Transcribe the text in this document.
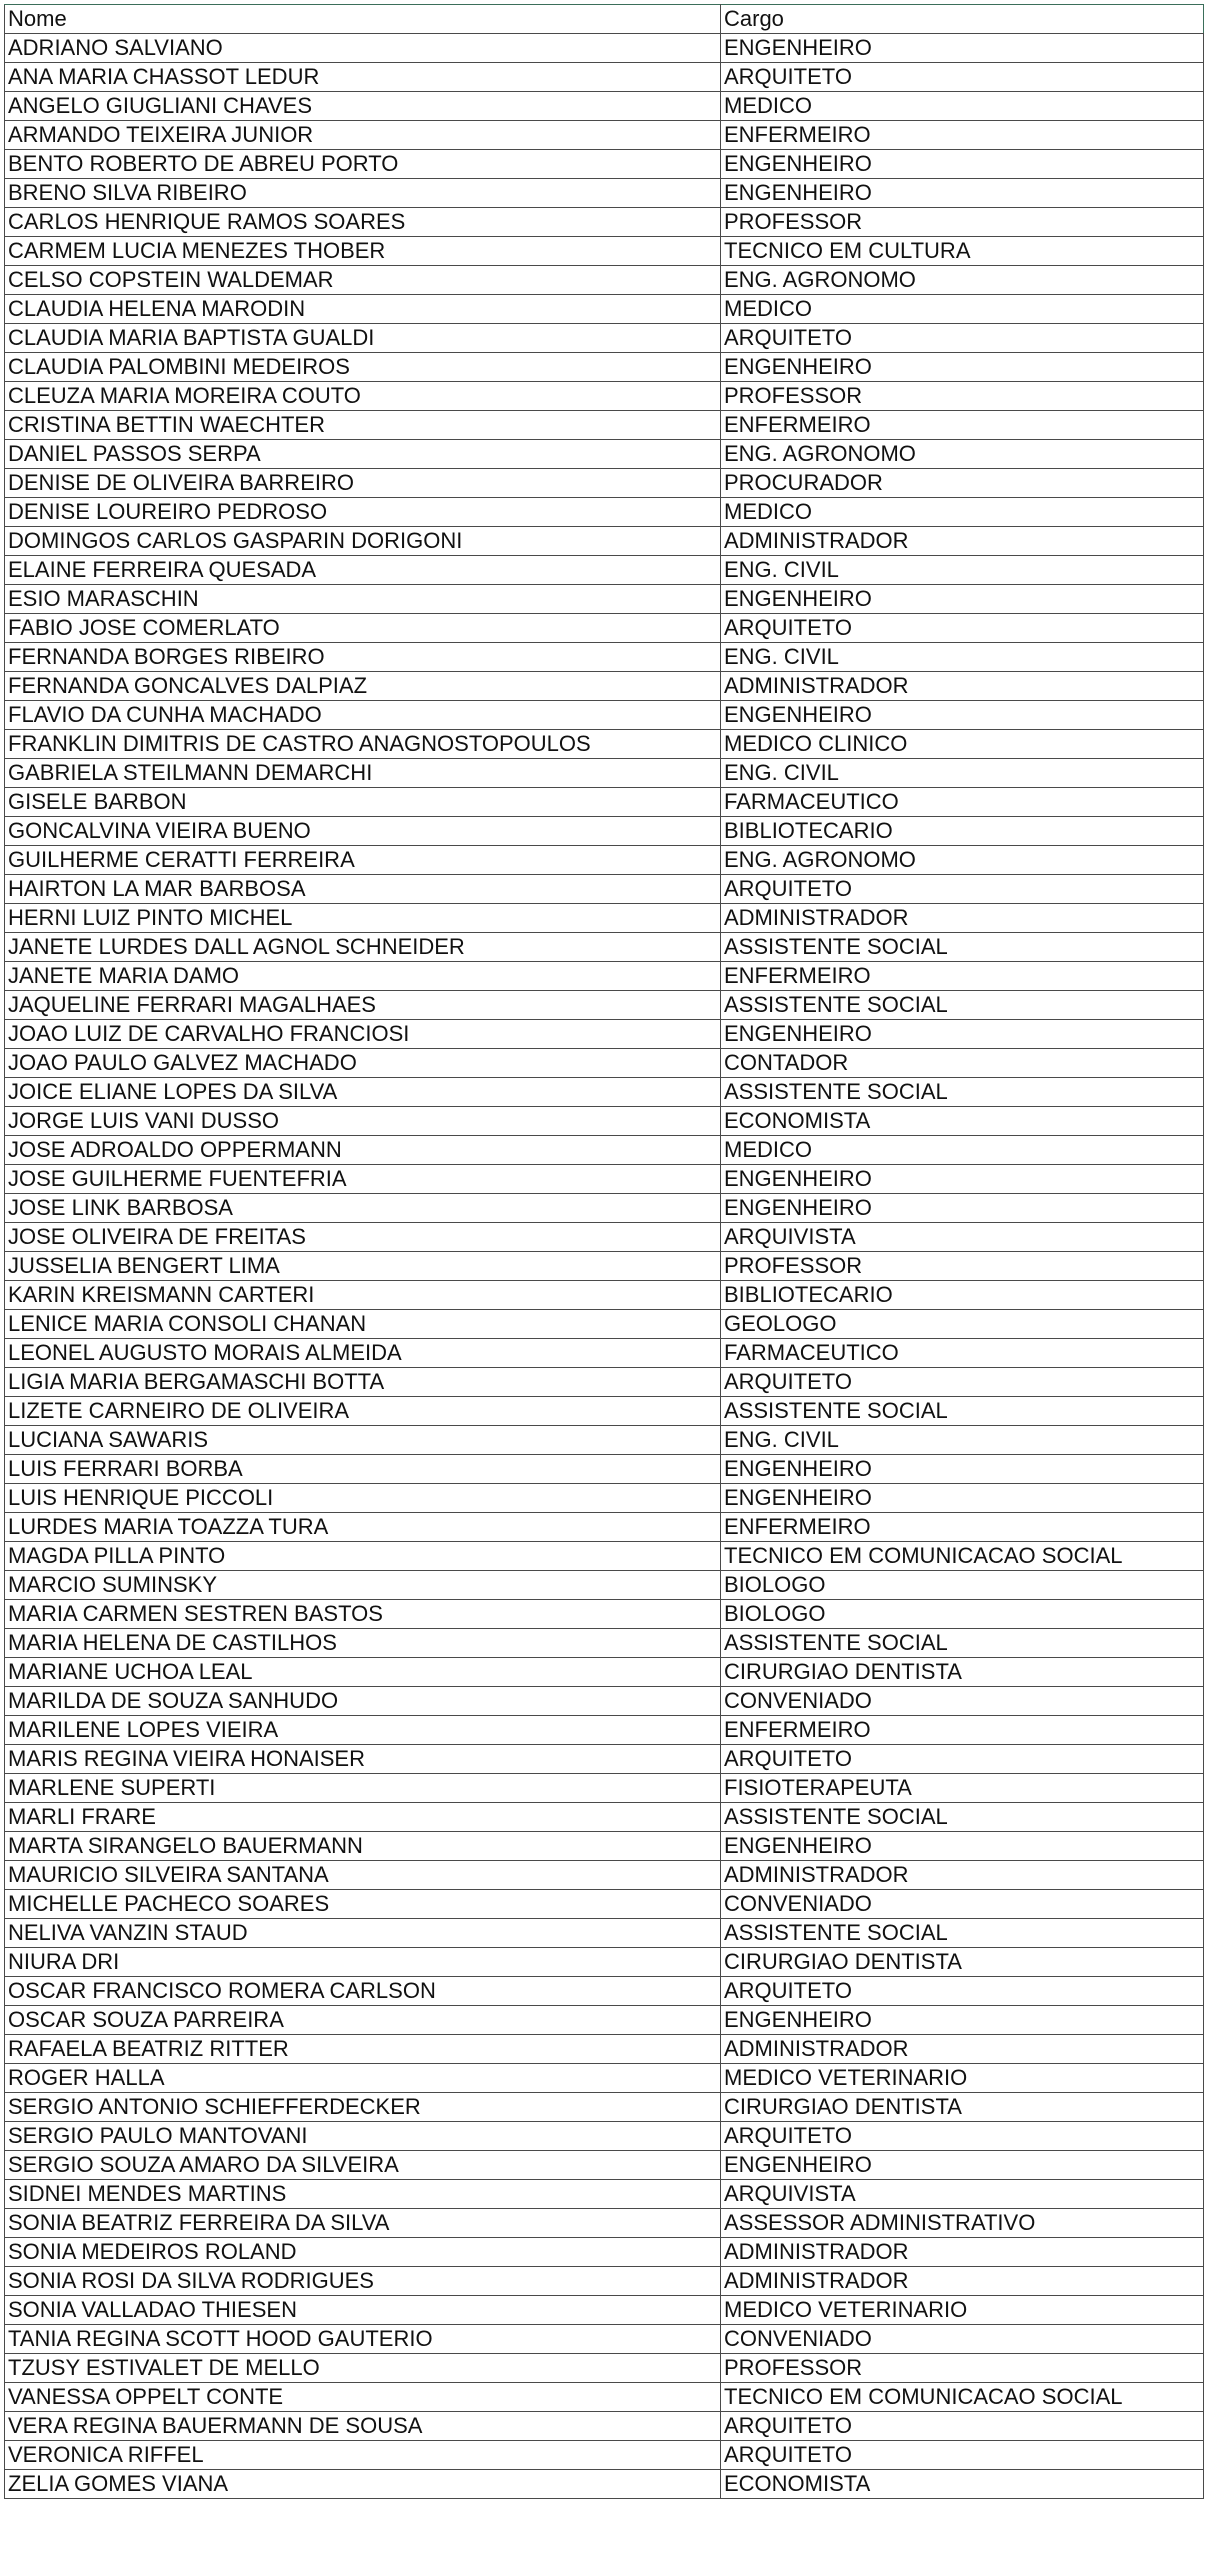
Nome	Cargo
ADRIANO SALVIANO	ENGENHEIRO
ANA MARIA CHASSOT LEDUR	ARQUITETO
ANGELO GIUGLIANI CHAVES	MEDICO
ARMANDO TEIXEIRA JUNIOR	ENFERMEIRO
BENTO ROBERTO DE ABREU PORTO	ENGENHEIRO
BRENO SILVA RIBEIRO	ENGENHEIRO
CARLOS HENRIQUE RAMOS SOARES	PROFESSOR
CARMEM LUCIA MENEZES THOBER	TECNICO EM CULTURA
CELSO COPSTEIN WALDEMAR	ENG. AGRONOMO
CLAUDIA HELENA MARODIN	MEDICO
CLAUDIA MARIA BAPTISTA GUALDI	ARQUITETO
CLAUDIA PALOMBINI MEDEIROS	ENGENHEIRO
CLEUZA MARIA MOREIRA COUTO	PROFESSOR
CRISTINA BETTIN WAECHTER	ENFERMEIRO
DANIEL PASSOS SERPA	ENG. AGRONOMO
DENISE DE OLIVEIRA BARREIRO	PROCURADOR
DENISE LOUREIRO PEDROSO	MEDICO
DOMINGOS CARLOS GASPARIN DORIGONI	ADMINISTRADOR
ELAINE FERREIRA QUESADA	ENG. CIVIL
ESIO MARASCHIN	ENGENHEIRO
FABIO JOSE COMERLATO	ARQUITETO
FERNANDA BORGES RIBEIRO	ENG. CIVIL
FERNANDA GONCALVES DALPIAZ	ADMINISTRADOR
FLAVIO DA CUNHA MACHADO	ENGENHEIRO
FRANKLIN DIMITRIS DE CASTRO ANAGNOSTOPOULOS	MEDICO CLINICO
GABRIELA STEILMANN DEMARCHI	ENG. CIVIL
GISELE BARBON	FARMACEUTICO
GONCALVINA VIEIRA BUENO	BIBLIOTECARIO
GUILHERME CERATTI FERREIRA	ENG. AGRONOMO
HAIRTON LA MAR BARBOSA	ARQUITETO
HERNI LUIZ PINTO MICHEL	ADMINISTRADOR
JANETE LURDES DALL AGNOL SCHNEIDER	ASSISTENTE SOCIAL
JANETE MARIA DAMO	ENFERMEIRO
JAQUELINE FERRARI MAGALHAES	ASSISTENTE SOCIAL
JOAO LUIZ DE CARVALHO FRANCIOSI	ENGENHEIRO
JOAO PAULO GALVEZ MACHADO	CONTADOR
JOICE ELIANE LOPES DA SILVA	ASSISTENTE SOCIAL
JORGE LUIS VANI DUSSO	ECONOMISTA
JOSE ADROALDO OPPERMANN	MEDICO
JOSE GUILHERME FUENTEFRIA	ENGENHEIRO
JOSE LINK BARBOSA	ENGENHEIRO
JOSE OLIVEIRA DE FREITAS	ARQUIVISTA
JUSSELIA BENGERT LIMA	PROFESSOR
KARIN KREISMANN CARTERI	BIBLIOTECARIO
LENICE MARIA CONSOLI CHANAN	GEOLOGO
LEONEL AUGUSTO MORAIS ALMEIDA	FARMACEUTICO
LIGIA MARIA BERGAMASCHI BOTTA	ARQUITETO
LIZETE CARNEIRO DE OLIVEIRA	ASSISTENTE SOCIAL
LUCIANA SAWARIS	ENG. CIVIL
LUIS FERRARI BORBA	ENGENHEIRO
LUIS HENRIQUE PICCOLI	ENGENHEIRO
LURDES MARIA TOAZZA TURA	ENFERMEIRO
MAGDA PILLA PINTO	TECNICO EM COMUNICACAO SOCIAL
MARCIO SUMINSKY	BIOLOGO
MARIA CARMEN SESTREN BASTOS	BIOLOGO
MARIA HELENA DE CASTILHOS	ASSISTENTE SOCIAL
MARIANE UCHOA LEAL	CIRURGIAO DENTISTA
MARILDA DE SOUZA SANHUDO	CONVENIADO
MARILENE LOPES VIEIRA	ENFERMEIRO
MARIS REGINA VIEIRA HONAISER	ARQUITETO
MARLENE SUPERTI	FISIOTERAPEUTA
MARLI FRARE	ASSISTENTE SOCIAL
MARTA SIRANGELO BAUERMANN	ENGENHEIRO
MAURICIO SILVEIRA SANTANA	ADMINISTRADOR
MICHELLE PACHECO SOARES	CONVENIADO
NELIVA VANZIN STAUD	ASSISTENTE SOCIAL
NIURA DRI	CIRURGIAO DENTISTA
OSCAR FRANCISCO ROMERA CARLSON	ARQUITETO
OSCAR SOUZA PARREIRA	ENGENHEIRO
RAFAELA BEATRIZ RITTER	ADMINISTRADOR
ROGER HALLA	MEDICO VETERINARIO
SERGIO ANTONIO SCHIEFFERDECKER	CIRURGIAO DENTISTA
SERGIO PAULO MANTOVANI	ARQUITETO
SERGIO SOUZA AMARO DA SILVEIRA	ENGENHEIRO
SIDNEI MENDES MARTINS	ARQUIVISTA
SONIA BEATRIZ FERREIRA DA SILVA	ASSESSOR ADMINISTRATIVO
SONIA MEDEIROS ROLAND	ADMINISTRADOR
SONIA ROSI DA SILVA RODRIGUES	ADMINISTRADOR
SONIA VALLADAO THIESEN	MEDICO VETERINARIO
TANIA REGINA SCOTT HOOD GAUTERIO	CONVENIADO
TZUSY ESTIVALET DE MELLO	PROFESSOR
VANESSA OPPELT CONTE	TECNICO EM COMUNICACAO SOCIAL
VERA REGINA BAUERMANN DE SOUSA	ARQUITETO
VERONICA RIFFEL	ARQUITETO
ZELIA GOMES VIANA	ECONOMISTA
